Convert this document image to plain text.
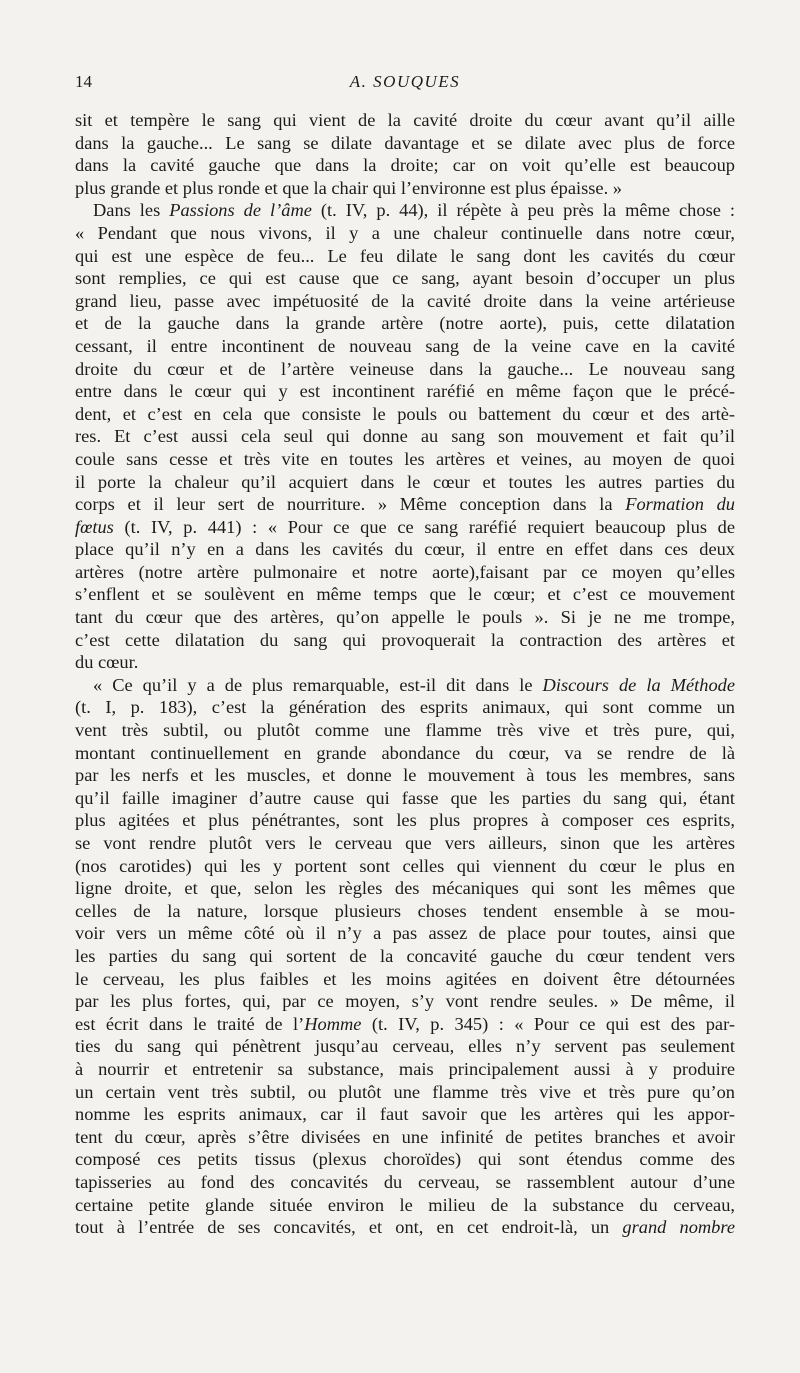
14	A. SOUQUES
sit et tempère le sang qui vient de la cavité droite du cœur avant qu’il aille
dans la gauche... Le sang se dilate davantage et se dilate avec plus de force
dans la cavité gauche que dans la droite; car on voit qu’elle est beaucoup
plus grande et plus ronde et que la chair qui l’environne est plus épaisse. »
Dans les Passions de l’âme (t. IV, p. 44), il répète à peu près la même chose :
« Pendant que nous vivons, il y a une chaleur continuelle dans notre cœur,
qui est une espèce de feu... Le feu dilate le sang dont les cavités du cœur
sont remplies, ce qui est cause que ce sang, ayant besoin d’occuper un plus
grand lieu, passe avec impétuosité de la cavité droite dans la veine artérieuse
et de la gauche dans la grande artère (notre aorte), puis, cette dilatation
cessant, il entre incontinent de nouveau sang de la veine cave en la cavité
droite du cœur et de l’artère veineuse dans la gauche... Le nouveau sang
entre dans le cœur qui y est incontinent raréfié en même façon que le précé-
dent, et c’est en cela que consiste le pouls ou battement du cœur et des artè-
res. Et c’est aussi cela seul qui donne au sang son mouvement et fait qu’il
coule sans cesse et très vite en toutes les artères et veines, au moyen de quoi
il porte la chaleur qu’il acquiert dans le cœur et toutes les autres parties du
corps et il leur sert de nourriture. » Même conception dans la Formation du
fœtus (t. IV, p. 441) : « Pour ce que ce sang raréfié requiert beaucoup plus de
place qu’il n’y en a dans les cavités du cœur, il entre en effet dans ces deux
artères (notre artère pulmonaire et notre aorte),faisant par ce moyen qu’elles
s’enflent et se soulèvent en même temps que le cœur; et c’est ce mouvement
tant du cœur que des artères, qu’on appelle le pouls ». Si je ne me trompe,
c’est cette dilatation du sang qui provoquerait la contraction des artères et
du cœur.
« Ce qu’il y a de plus remarquable, est-il dit dans le Discours de la Méthode
(t. I, p. 183), c’est la génération des esprits animaux, qui sont comme un
vent très subtil, ou plutôt comme une flamme très vive et très pure, qui,
montant continuellement en grande abondance du cœur, va se rendre de là
par les nerfs et les muscles, et donne le mouvement à tous les membres, sans
qu’il faille imaginer d’autre cause qui fasse que les parties du sang qui, étant
plus agitées et plus pénétrantes, sont les plus propres à composer ces esprits,
se vont rendre plutôt vers le cerveau que vers ailleurs, sinon que les artères
(nos carotides) qui les y portent sont celles qui viennent du cœur le plus en
ligne droite, et que, selon les règles des mécaniques qui sont les mêmes que
celles de la nature, lorsque plusieurs choses tendent ensemble à se mou-
voir vers un même côté où il n’y a pas assez de place pour toutes, ainsi que
les parties du sang qui sortent de la concavité gauche du cœur tendent vers
le cerveau, les plus faibles et les moins agitées en doivent être détournées
par les plus fortes, qui, par ce moyen, s’y vont rendre seules. » De même, il
est écrit dans le traité de l’Homme (t. IV, p. 345) : « Pour ce qui est des par-
ties du sang qui pénètrent jusqu’au cerveau, elles n’y servent pas seulement
à nourrir et entretenir sa substance, mais principalement aussi à y produire
un certain vent très subtil, ou plutôt une flamme très vive et très pure qu’on
nomme les esprits animaux, car il faut savoir que les artères qui les appor-
tent du cœur, après s’être divisées en une infinité de petites branches et avoir
composé ces petits tissus (plexus choroïdes) qui sont étendus comme des
tapisseries au fond des concavités du cerveau, se rassemblent autour d’une
certaine petite glande située environ le milieu de la substance du cerveau,
tout à l’entrée de ses concavités, et ont, en cet endroit-là, un grand nombre
